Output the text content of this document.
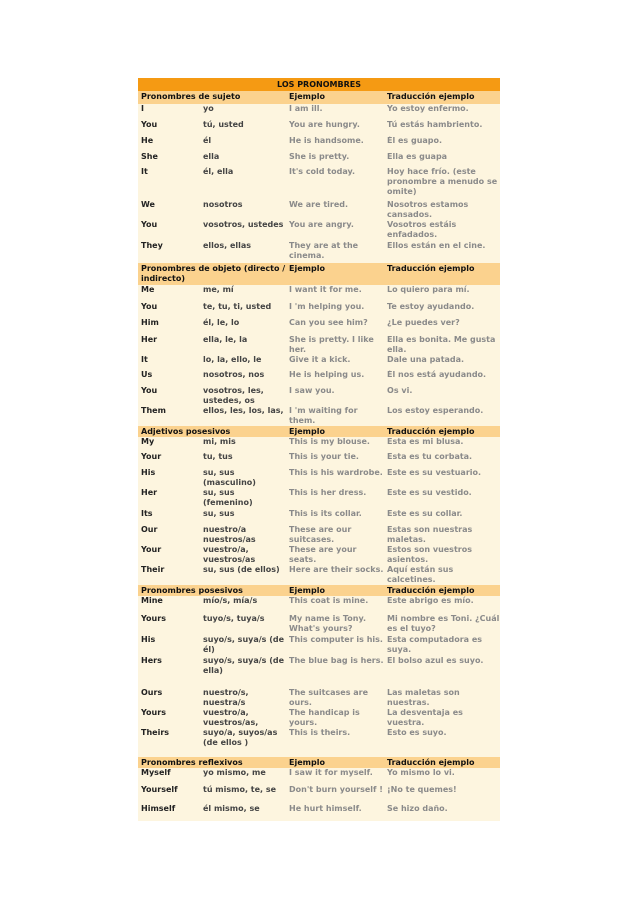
LOS PRONOMBRES
Pronombres de sujeto		Ejemplo	Traducción ejemplo
I	yo	I am ill.	Yo estoy enfermo.
You	tú, usted	You are hungry.	Tú estás hambriento.
He	él	He is handsome.	Él es guapo.
She	ella	She is pretty.	Ella es guapa
It	él, ella	It's cold today.	Hoy hace frío. (este pronombre a menudo se omite)
We	nosotros	We are tired.	Nosotros estamos cansados.
You	vosotros, ustedes	You are angry.	Vosotros estáis enfadados.
They	ellos, ellas	They are at the cinema.	Ellos están en el cine.
Pronombres de objeto (directo / indirecto)		Ejemplo	Traducción ejemplo
Me	me, mí	I want it for me.	Lo quiero para mí.
You	te, tu, ti, usted	I 'm helping you.	Te estoy ayudando.
Him	él, le, lo	Can you see him?	¿Le puedes ver?
Her	ella, le, la	She is pretty. I like her.	Ella es bonita. Me gusta ella.
It	lo, la, ello, le	Give it a kick.	Dale una patada.
Us	nosotros, nos	He is helping us.	Él nos está ayudando.
You	vosotros, les, ustedes, os	I saw you.	Os vi.
Them	ellos, les, los, las,	I 'm waiting for them.	Los estoy esperando.
Adjetivos posesivos		Ejemplo	Traducción ejemplo
My	mi, mis	This is my blouse.	Esta es mi blusa.
Your	tu, tus	This is your tie.	Esta es tu corbata.
His	su, sus (masculino)	This is his wardrobe.	Este es su vestuario.
Her	su, sus (femenino)	This is her dress.	Este es su vestido.
Its	su, sus	This is its collar.	Este es su collar.
Our	nuestro/a nuestros/as	These are our suitcases.	Estas son nuestras maletas.
Your	vuestro/a, vuestros/as	These are your seats.	Estos son vuestros asientos.
Their	su, sus (de ellos)	Here are their socks.	Aquí están sus calcetines.
Pronombres posesivos		Ejemplo	Traducción ejemplo
Mine	mío/s, mía/s	This coat is mine.	Este abrigo es mío.
Yours	tuyo/s, tuya/s	My name is Tony. What's yours?	Mi nombre es Toni. ¿Cuál es el tuyo?
His	suyo/s, suya/s (de él)	This computer is his.	Esta computadora es suya.
Hers	suyo/s, suya/s (de ella)	The blue bag is hers.	El bolso azul es suyo.
Ours	nuestro/s, nuestra/s	The suitcases are ours.	Las maletas son nuestras.
Yours	vuestro/a, vuestros/as,	The handicap is yours.	La desventaja es vuestra.
Theirs	suyo/a, suyos/as (de ellos )	This is theirs.	Esto es suyo.
Pronombres reflexivos		Ejemplo	Traducción ejemplo
Myself	yo mismo, me	I saw it for myself.	Yo mismo lo vi.
Yourself	tú mismo, te, se	Don't burn yourself !	¡No te quemes!
Himself	él mismo, se	He hurt himself.	Se hizo daño.
